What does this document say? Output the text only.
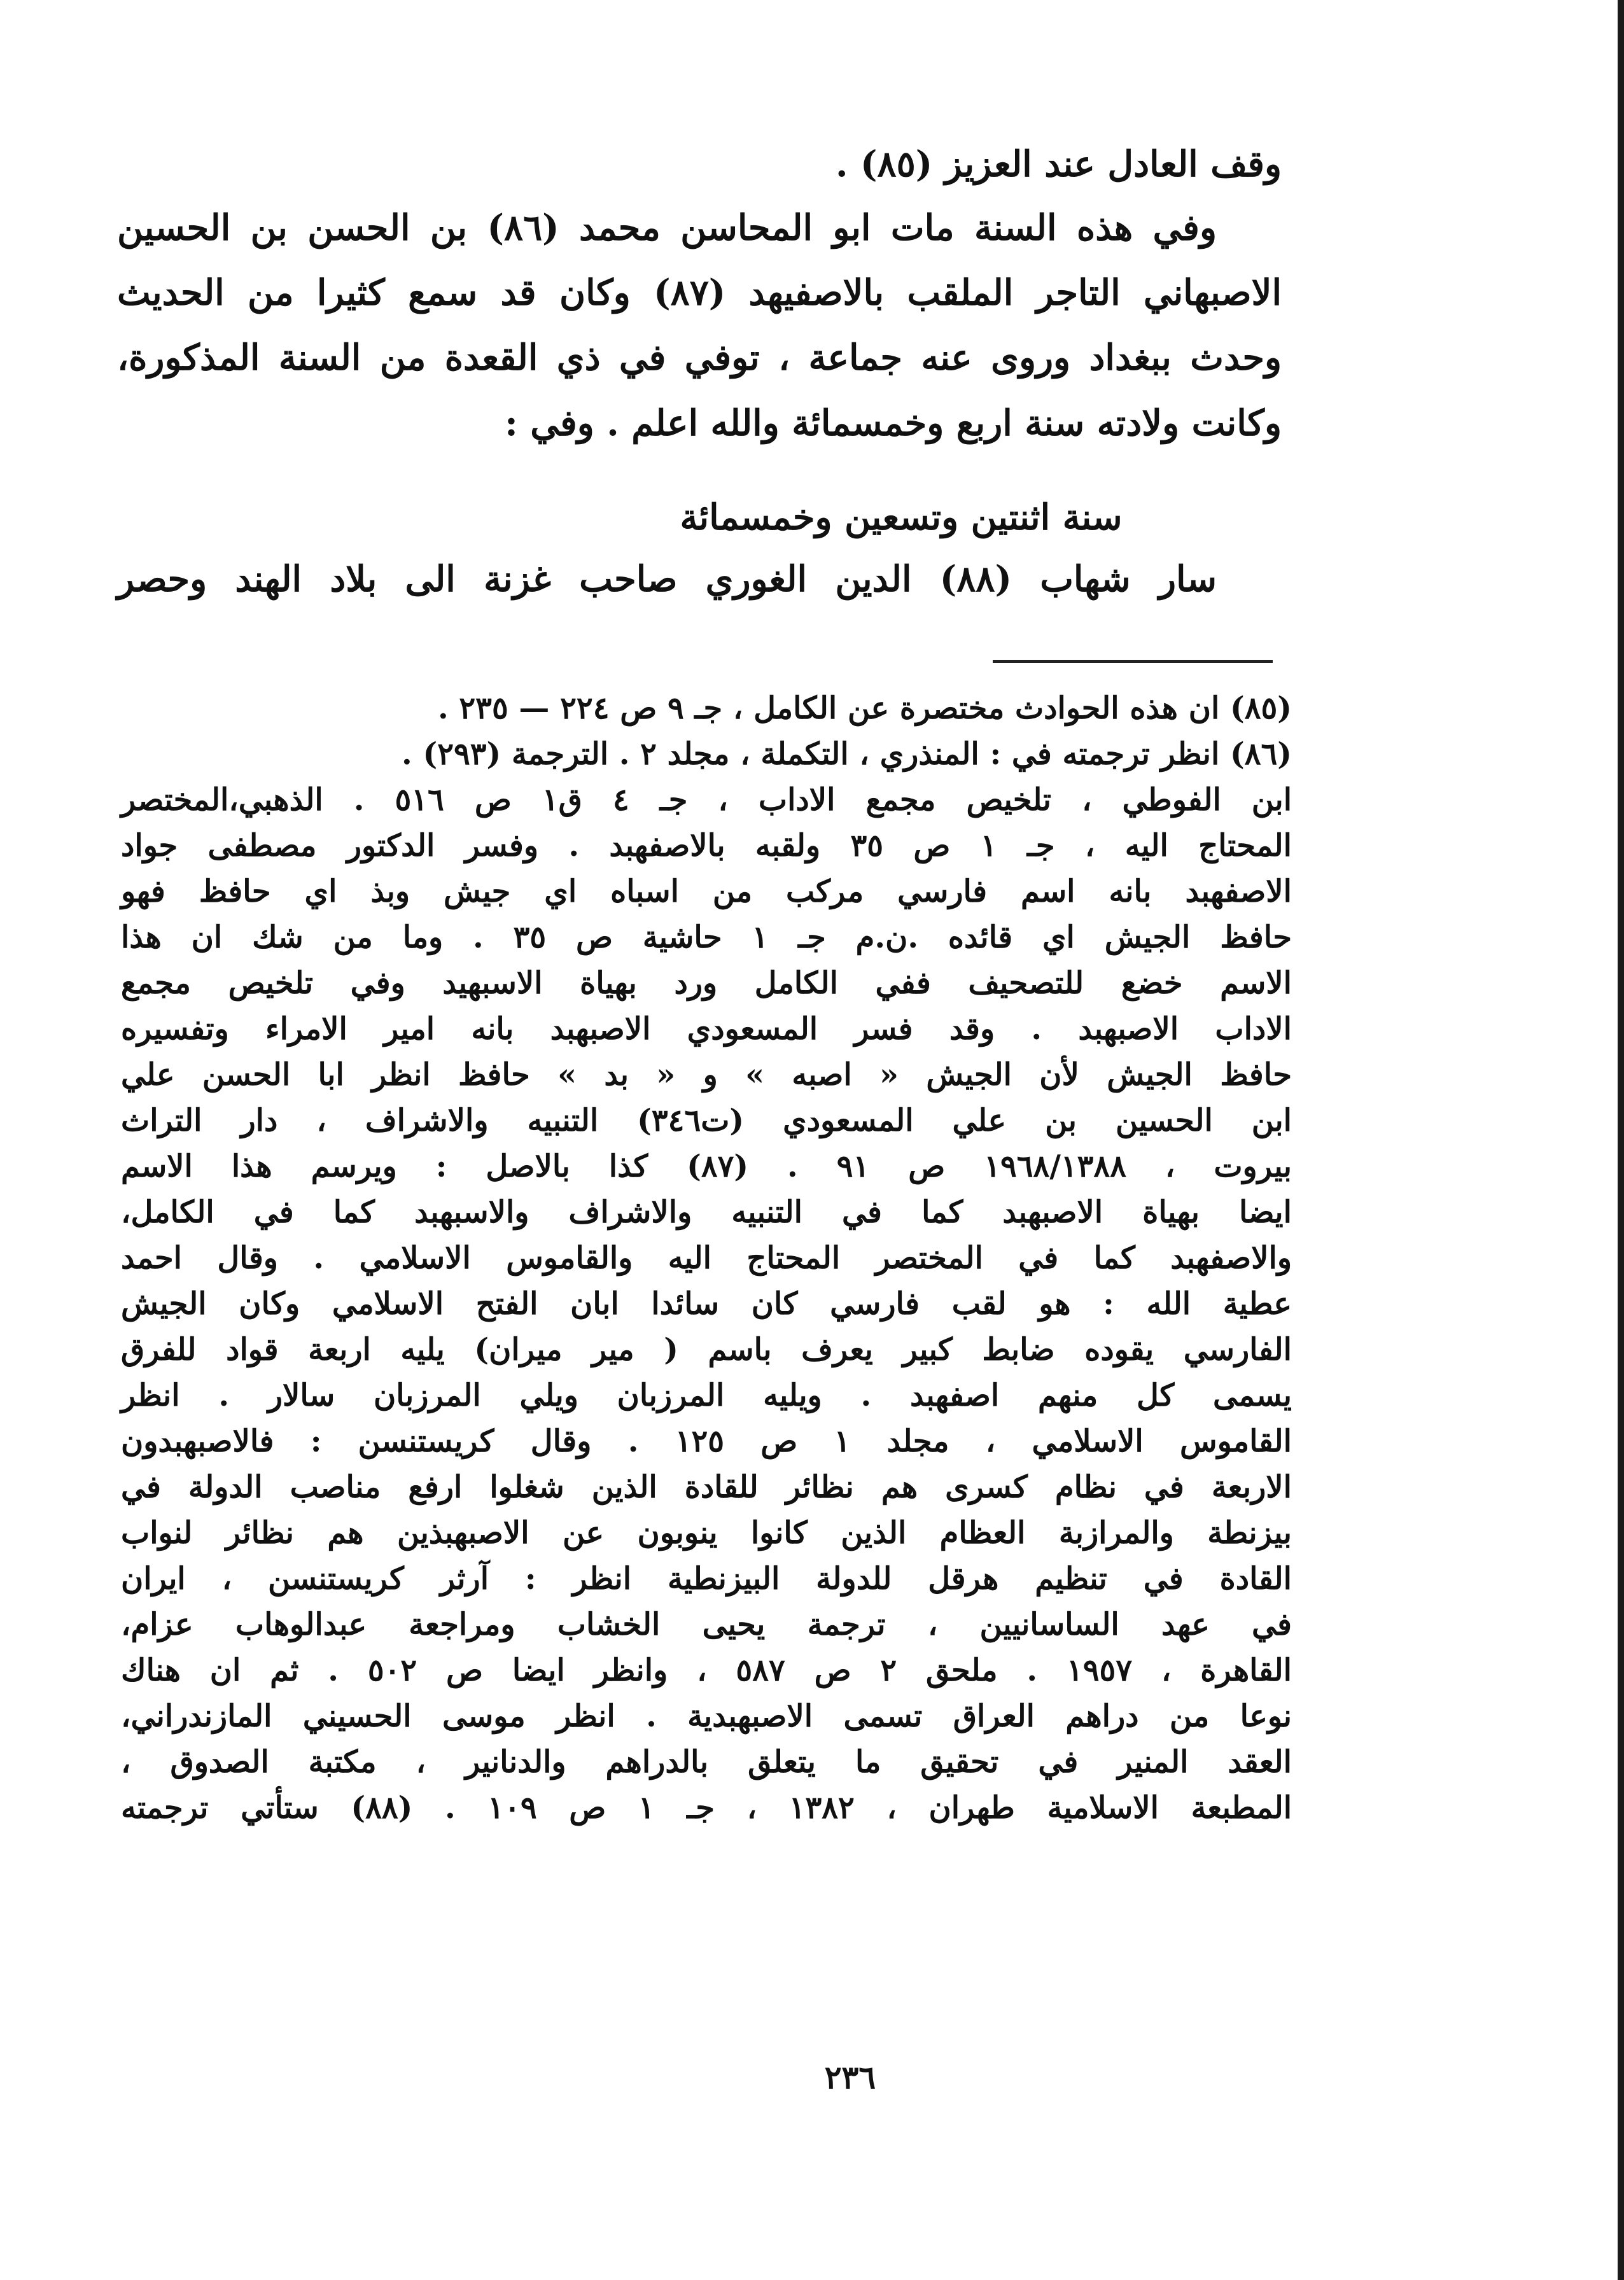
وقف العادل عند العزيز (٨٥) .
وفي هذه السنة مات ابو المحاسن محمد (٨٦) بن الحسن بن الحسين
الاصبهاني التاجر الملقب بالاصفيهد (٨٧) وكان قد سمع كثيرا من الحديث
وحدث ببغداد وروى عنه جماعة ، توفي في ذي القعدة من السنة المذكورة،
وكانت ولادته سنة اربع وخمسمائة والله اعلم . وفي :
سنة اثنتين وتسعين وخمسمائة
سار شهاب (٨٨) الدين الغوري صاحب غزنة الى بلاد الهند وحصر
(٨٥) ان هذه الحوادث مختصرة عن الكامل ، جـ ٩ ص ٢٢٤ — ٢٣٥ .
(٨٦) انظر ترجمته في : المنذري ، التكملة ، مجلد ٢ . الترجمة (٢٩٣) .
ابن الفوطي ، تلخيص مجمع الاداب ، جـ ٤ ق١ ص ٥١٦ . الذهبي،المختصر
المحتاج اليه ، جـ ١ ص ٣٥ ولقبه بالاصفهبد . وفسر الدكتور مصطفى جواد
الاصفهبد بانه اسم فارسي مركب من اسباه اي جيش وبذ اي حافظ فهو
حافظ الجيش اي قائده .ن.م جـ ١ حاشية ص ٣٥ . وما من شك ان هذا
الاسم خضع للتصحيف ففي الكامل ورد بهياة الاسبهيد وفي تلخيص مجمع
الاداب الاصبهبد . وقد فسر المسعودي الاصبهبد بانه امير الامراء وتفسيره
حافظ الجيش لأن الجيش « اصبه » و « بد » حافظ انظر ابا الحسن علي
ابن الحسين بن علي المسعودي (ت٣٤٦) التنبيه والاشراف ، دار التراث
بيروت ، ١٩٦٨/١٣٨٨ ص ٩١ . (٨٧) كذا بالاصل : ويرسم هذا الاسم
ايضا بهياة الاصبهبد كما في التنبيه والاشراف والاسبهبد كما في الكامل،
والاصفهبد كما في المختصر المحتاج اليه والقاموس الاسلامي . وقال احمد
عطية الله : هو لقب فارسي كان سائدا ابان الفتح الاسلامي وكان الجيش
الفارسي يقوده ضابط كبير يعرف باسم ( مير ميران) يليه اربعة قواد للفرق
يسمى كل منهم اصفهبد . ويليه المرزبان ويلي المرزبان سالار . انظر
القاموس الاسلامي ، مجلد ١ ص ١٢٥ . وقال كريستنسن : فالاصبهبدون
الاربعة في نظام كسرى هم نظائر للقادة الذين شغلوا ارفع مناصب الدولة في
بيزنطة والمرازبة العظام الذين كانوا ينوبون عن الاصبهبذين هم نظائر لنواب
القادة في تنظيم هرقل للدولة البيزنطية انظر : آرثر كريستنسن ، ايران
في عهد الساسانيين ، ترجمة يحيى الخشاب ومراجعة عبدالوهاب عزام،
القاهرة ، ١٩٥٧ . ملحق ٢ ص ٥٨٧ ، وانظر ايضا ص ٥٠٢ . ثم ان هناك
نوعا من دراهم العراق تسمى الاصبهبدية . انظر موسى الحسيني المازندراني،
العقد المنير في تحقيق ما يتعلق بالدراهم والدنانير ، مكتبة الصدوق ،
المطبعة الاسلامية طهران ، ١٣٨٢ ، جـ ١ ص ١٠٩ . (٨٨) ستأتي ترجمته
٢٣٦
